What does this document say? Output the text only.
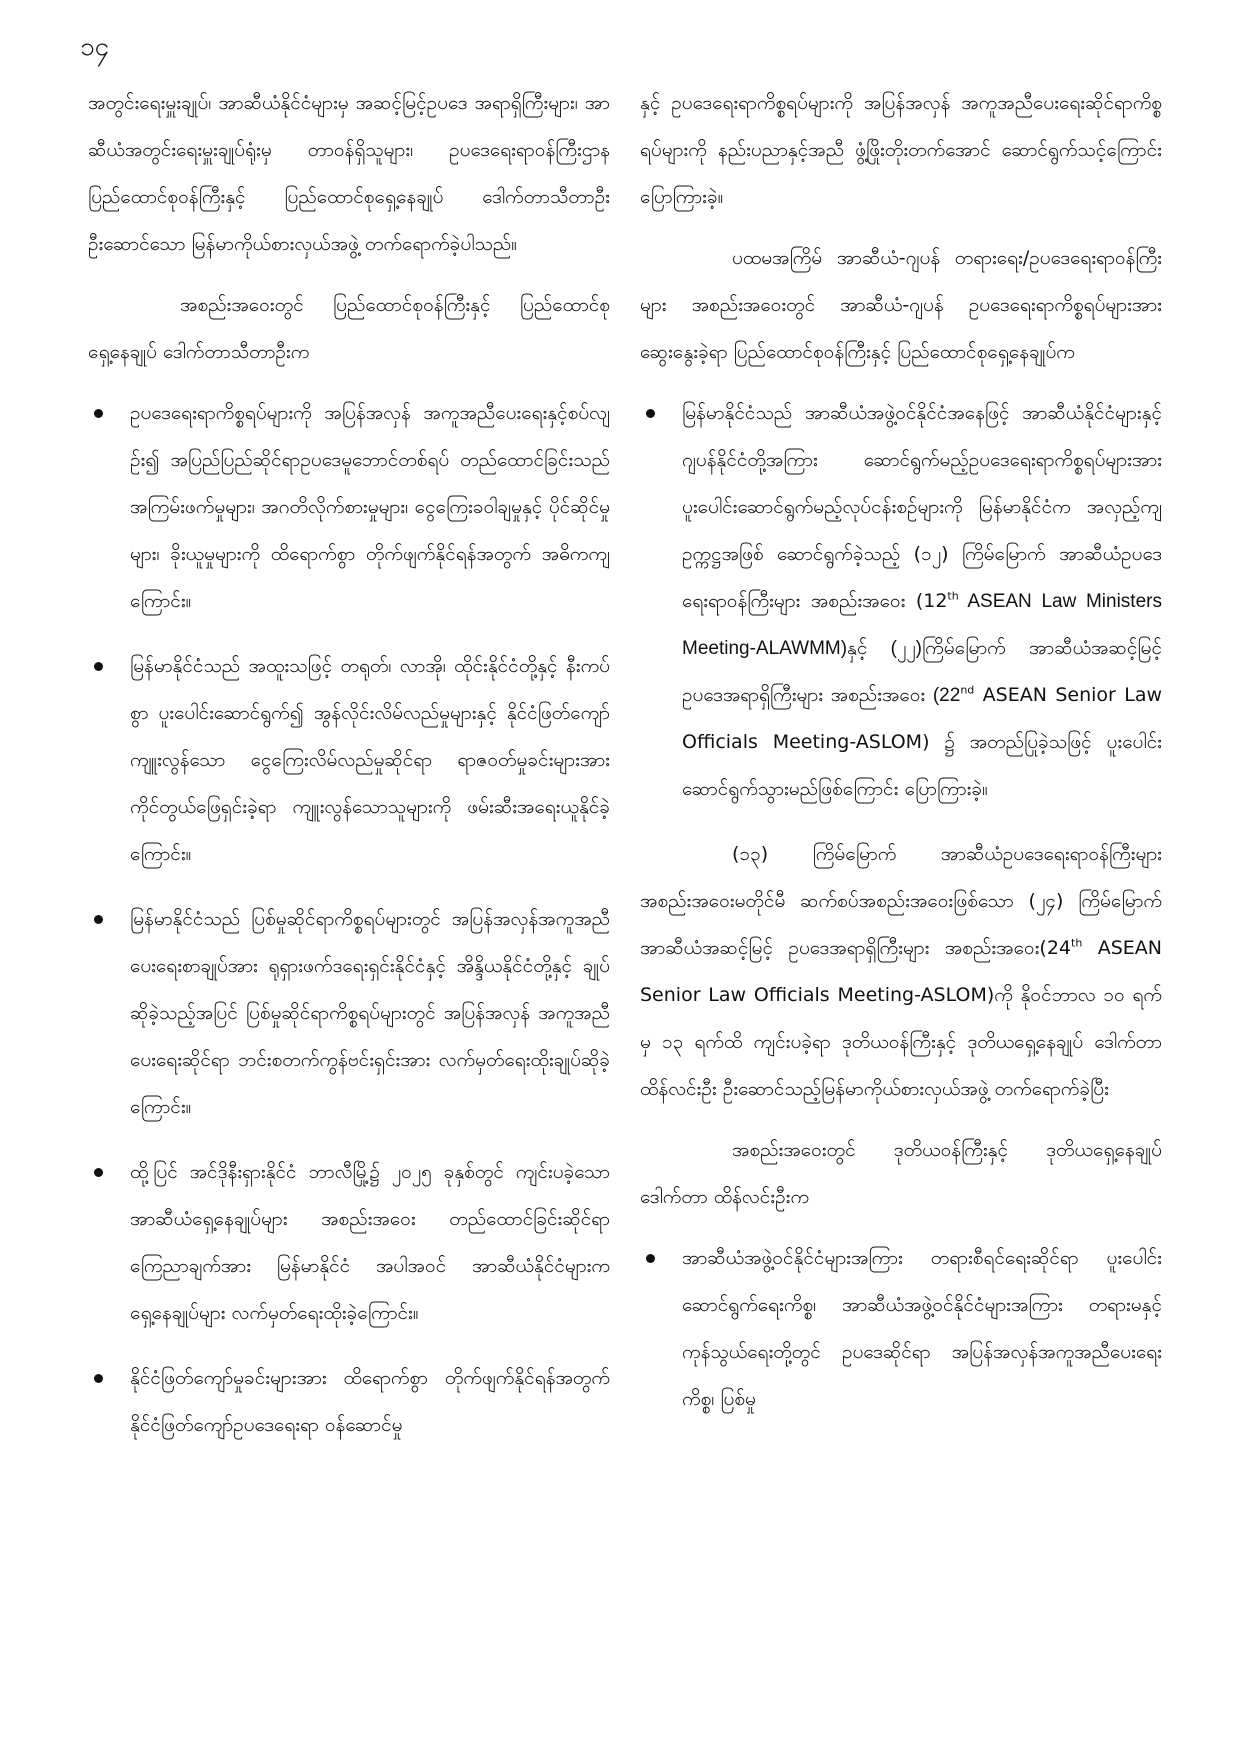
၁၄

အတွင်းရေးမှူးချုပ်၊ အာဆီယံနိုင်ငံများမှ အဆင့်မြင့်ဥပဒေ အရာရှိကြီးများ၊ အာဆီယံအတွင်းရေးမှူးချုပ်ရုံးမှ တာဝန်ရှိသူများ၊ ဥပဒေရေးရာဝန်ကြီးဌာန ပြည်ထောင်စုဝန်ကြီးနှင့် ပြည်ထောင်စုရှေ့နေချုပ် ဒေါက်တာသီတာဦး ဦးဆောင်သော မြန်မာကိုယ်စားလှယ်အဖွဲ့ တက်ရောက်ခဲ့ပါသည်။

အစည်းအဝေးတွင် ပြည်ထောင်စုဝန်ကြီးနှင့် ပြည်ထောင်စုရှေ့နေချုပ် ဒေါက်တာသီတာဦးက

ဥပဒေရေးရာကိစ္စရပ်များကို အပြန်အလှန် အကူအညီပေးရေးနှင့်စပ်လျဥ်း၍ အပြည်ပြည်ဆိုင်ရာဥပဒေမူဘောင်တစ်ရပ် တည်ထောင်ခြင်းသည် အကြမ်းဖက်မှုများ၊ အဂတိလိုက်စားမှုများ၊ ငွေကြေးခဝါချမှုနှင့် ပိုင်ဆိုင်မှုများ၊ ခိုးယူမှုများကို ထိရောက်စွာ တိုက်ဖျက်နိုင်ရန်အတွက် အဓိကကျကြောင်း။
မြန်မာနိုင်ငံသည် အထူးသဖြင့် တရုတ်၊ လာအို၊ ထိုင်းနိုင်ငံတို့နှင့် နီးကပ်စွာ ပူးပေါင်းဆောင်ရွက်၍ အွန်လိုင်းလိမ်လည်မှုများနှင့် နိုင်ငံဖြတ်ကျော်ကျူးလွန်သော ငွေကြေးလိမ်လည်မှုဆိုင်ရာ ရာဇဝတ်မှုခင်းများအား ကိုင်တွယ်ဖြေရှင်းခဲ့ရာ ကျူးလွန်သောသူများကို ဖမ်းဆီးအရေးယူနိုင်ခဲ့ကြောင်း။
မြန်မာနိုင်ငံသည် ပြစ်မှုဆိုင်ရာကိစ္စရပ်များတွင် အပြန်အလှန်အကူအညီပေးရေးစာချုပ်အား ရုရှားဖက်ဒရေးရှင်းနိုင်ငံနှင့် အိန္ဒိယနိုင်ငံတို့နှင့် ချုပ်ဆိုခဲ့သည့်အပြင် ပြစ်မှုဆိုင်ရာကိစ္စရပ်များတွင် အပြန်အလှန် အကူအညီပေးရေးဆိုင်ရာ ဘင်းစတက်ကွန်ဗင်းရှင်းအား လက်မှတ်ရေးထိုးချုပ်ဆိုခဲ့ကြောင်း။
ထို့ပြင် အင်ဒိုနီးရှားနိုင်ငံ ဘာလီမြို့၌ ၂၀၂၅ ခုနှစ်တွင် ကျင်းပခဲ့သော အာဆီယံရှေ့နေချုပ်များ အစည်းအဝေး တည်ထောင်ခြင်းဆိုင်ရာကြေညာချက်အား မြန်မာနိုင်ငံ အပါအဝင် အာဆီယံနိုင်ငံများက ရှေ့နေချုပ်များ လက်မှတ်ရေးထိုးခဲ့ကြောင်း။
နိုင်ငံဖြတ်ကျော်မှုခင်းများအား ထိရောက်စွာ တိုက်ဖျက်နိုင်ရန်အတွက် နိုင်ငံဖြတ်ကျော်ဥပဒေရေးရာ ဝန်ဆောင်မှု

နှင့် ဥပဒေရေးရာကိစ္စရပ်များကို အပြန်အလှန် အကူအညီပေးရေးဆိုင်ရာကိစ္စရပ်များကို နည်းပညာနှင့်အညီ ဖွံ့ဖြိုးတိုးတက်အောင် ဆောင်ရွက်သင့်ကြောင်း ပြောကြားခဲ့။

ပထမအကြိမ် အာဆီယံ-ဂျပန် တရားရေး/ဥပဒေရေးရာဝန်ကြီးများ အစည်းအဝေးတွင် အာဆီယံ-ဂျပန် ဥပဒေရေးရာကိစ္စရပ်များအားဆွေးနွေးခဲ့ရာ ပြည်ထောင်စုဝန်ကြီးနှင့် ပြည်ထောင်စုရှေ့နေချုပ်က

မြန်မာနိုင်ငံသည် အာဆီယံအဖွဲ့ဝင်နိုင်ငံအနေဖြင့် အာဆီယံနိုင်ငံများနှင့် ဂျပန်နိုင်ငံတို့အကြား ဆောင်ရွက်မည့်ဥပဒေရေးရာကိစ္စရပ်များအား ပူးပေါင်းဆောင်ရွက်မည့်လုပ်ငန်းစဉ်များကို မြန်မာနိုင်ငံက အလှည့်ကျဥက္ကဋ္ဌအဖြစ် ဆောင်ရွက်ခဲ့သည့် (၁၂) ကြိမ်မြောက် အာဆီယံဥပဒေရေးရာဝန်ကြီးများ အစည်းအဝေး (12th ASEAN Law Ministers Meeting-ALAWMM)နှင့် (၂၂)ကြိမ်မြောက် အာဆီယံအဆင့်မြင့် ဥပဒေအရာရှိကြီးများ အစည်းအဝေး (22nd ASEAN Senior Law Officials Meeting-ASLOM) ၌ အတည်ပြုခဲ့သဖြင့် ပူးပေါင်းဆောင်ရွက်သွားမည်ဖြစ်ကြောင်း ပြောကြားခဲ့။

(၁၃) ကြိမ်မြောက် အာဆီယံဥပဒေရေးရာဝန်ကြီးများ အစည်းအဝေးမတိုင်မီ ဆက်စပ်အစည်းအဝေးဖြစ်သော (၂၄) ကြိမ်မြောက် အာဆီယံအဆင့်မြင့် ဥပဒေအရာရှိကြီးများ အစည်းအဝေး(24th ASEAN Senior Law Officials Meeting-ASLOM)ကို နိုဝင်ဘာလ ၁၀ ရက်မှ ၁၃ ရက်ထိ ကျင်းပခဲ့ရာ ဒုတိယဝန်ကြီးနှင့် ဒုတိယရှေ့နေချုပ် ဒေါက်တာ ထိန်လင်းဦး ဦးဆောင်သည့်မြန်မာကိုယ်စားလှယ်အဖွဲ့ တက်ရောက်ခဲ့ပြီး

အစည်းအဝေးတွင် ဒုတိယဝန်ကြီးနှင့် ဒုတိယရှေ့နေချုပ် ဒေါက်တာ ထိန်လင်းဦးက

အာဆီယံအဖွဲ့ဝင်နိုင်ငံများအကြား တရားစီရင်ရေးဆိုင်ရာ ပူးပေါင်းဆောင်ရွက်ရေးကိစ္စ၊ အာဆီယံအဖွဲ့ဝင်နိုင်ငံများအကြား တရားမနှင့်ကုန်သွယ်ရေးတို့တွင် ဥပဒေဆိုင်ရာ အပြန်အလှန်အကူအညီပေးရေးကိစ္စ၊ ပြစ်မှု
